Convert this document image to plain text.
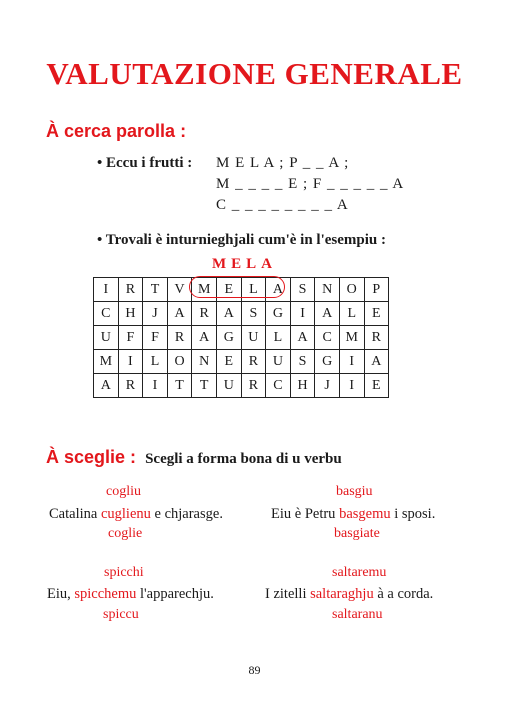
VALUTAZIONE GENERALE
À cerca parolla :
• Eccu i frutti : M E L A ; P _ _ A ;
M _ _ _ _ E ; F _ _ _ _ _ A
C _ _ _ _ _ _ _ _ A
• Trovali è inturnieghjali cum'è in l'esempiu :
MELA
I	R	T	V	M	E	L	A	S	N	O	P
C	H	J	A	R	A	S	G	I	A	L	E
U	F	F	R	A	G	U	L	A	C	M	R
M	I	L	O	N	E	R	U	S	G	I	A
A	R	I	T	T	U	R	C	H	J	I	E
À sceglie : Scegli a forma bona di u verbu
cogliu
Catalina cuglienu e chjarasge.
coglie
basgiu
Eiu è Petru basgemu i sposi.
basgiate
spicchi
Eiu, spicchemu l'apparechju.
spiccu
saltaremu
I zitelli saltaraghju à a corda.
saltaranu
89
